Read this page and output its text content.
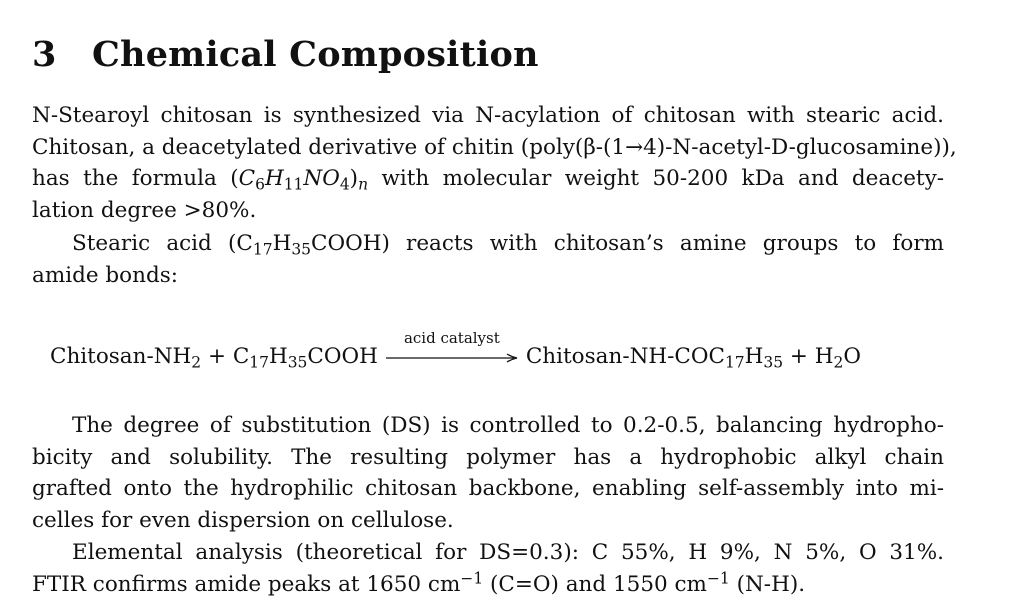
3 Chemical Composition

N-Stearoyl chitosan is synthesized via N-acylation of chitosan with stearic acid.
Chitosan, a deacetylated derivative of chitin (poly(β-(1→4)-N-acetyl-D-glucosamine)),
has the formula $(C_6H_{11}NO_4)_n$ with molecular weight 50-200 kDa and deacety-
lation degree >80%.

Stearic acid $(C_{17}H_{35}COOH)$ reacts with chitosan’s amine groups to form
amide bonds:

Chitosan-$NH_2$ + $C_{17}H_{35}COOH$
acid catalyst
Chitosan-$NH-COC_{17}H_{35} + H_2O$

The degree of substitution (DS) is controlled to 0.2-0.5, balancing hydropho-
bicity and solubility. The resulting polymer has a hydrophobic alkyl chain
grafted onto the hydrophilic chitosan backbone, enabling self-assembly into mi-
celles for even dispersion on cellulose.

Elemental analysis (theoretical for DS=0.3): C 55%, H 9%, N 5%, O 31%.
FTIR confirms amide peaks at 1650 $cm^{-1}$ (C=O) and 1550 $cm^{-1}$ (N-H).
